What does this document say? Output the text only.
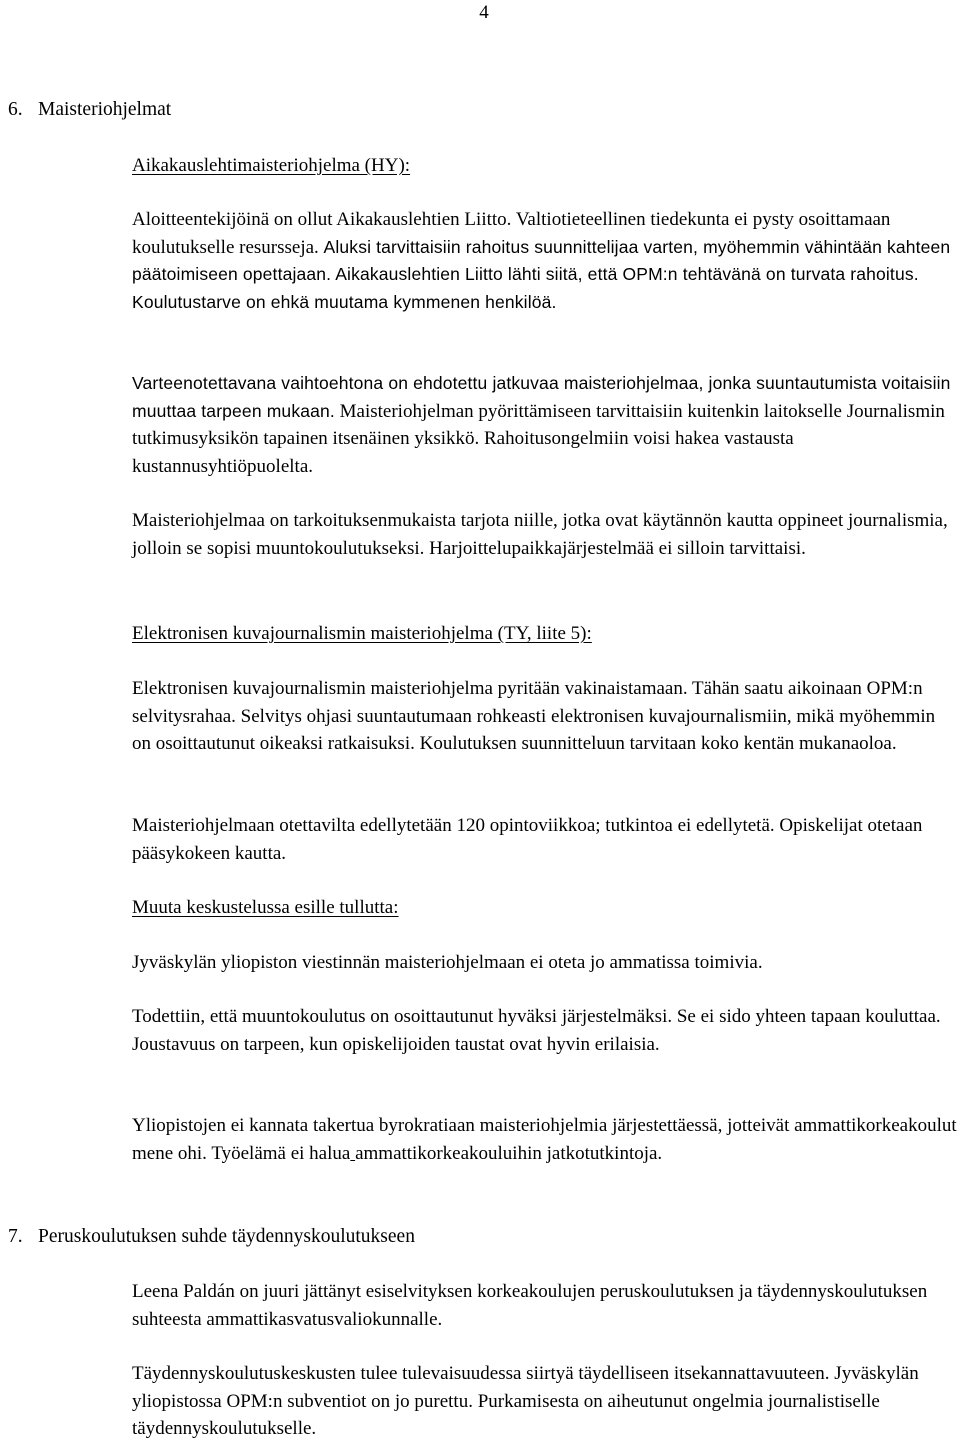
4
6. Maisteriohjelmat
Aikakauslehtimaisteriohjelma (HY):

Aloitteentekijöinä on ollut Aikakauslehtien Liitto. Valtiotieteellinen tiedekunta ei pysty osoittamaan koulutukselle resursseja. Aluksi tarvittaisiin rahoitus suunnittelijaa varten, myöhemmin vähintään kahteen päätoimiseen opettajaan. Aikakauslehtien Liitto lähti siitä, että OPM:n tehtävänä on turvata rahoitus. Koulutustarve on ehkä muutama kymmenen henkilöä.

Varteenotettavana vaihtoehtona on ehdotettu jatkuvaa maisteriohjelmaa, jonka suuntautumista voitaisiin muuttaa tarpeen mukaan. Maisteriohjelman pyörittämiseen tarvittaisiin kuitenkin laitokselle Journalismin tutkimusyksikön tapainen itsenäinen yksikkö. Rahoitusongelmiin voisi hakea vastausta kustannusyhtiöpuolelta.

Maisteriohjelmaa on tarkoituksenmukaista tarjota niille, jotka ovat käytännön kautta oppineet journalismia, jolloin se sopisi muuntokoulutukseksi. Harjoittelupaikkajärjestelmää ei silloin tarvittaisi.

Elektronisen kuvajournalismin maisteriohjelma (TY, liite 5):

Elektronisen kuvajournalismin maisteriohjelma pyritään vakinaistamaan. Tähän saatu aikoinaan OPM:n selvitysrahaa. Selvitys ohjasi suuntautumaan rohkeasti elektronisen kuvajournalismiin, mikä myöhemmin on osoittautunut oikeaksi ratkaisuksi. Koulutuksen suunnitteluun tarvitaan koko kentän mukanaoloa.

Maisteriohjelmaan otettavilta edellytetään 120 opintoviikkoa; tutkintoa ei edellytetä. Opiskelijat otetaan pääsykokeen kautta.

Muuta keskustelussa esille tullutta:

Jyväskylän yliopiston viestinnän maisteriohjelmaan ei oteta jo ammatissa toimivia.

Todettiin, että muuntokoulutus on osoittautunut hyväksi järjestelmäksi. Se ei sido yhteen tapaan kouluttaa. Joustavuus on tarpeen, kun opiskelijoiden taustat ovat hyvin erilaisia.

Yliopistojen ei kannata takertua byrokratiaan maisteriohjelmia järjestettäessä, jotteivät ammattikorkeakoulut mene ohi. Työelämä ei halua ammattikorkeakouluihin jatkotutkintoja.

7. Peruskoulutuksen suhde täydennyskoulutukseen

Leena Paldán on juuri jättänyt esiselvityksen korkeakoulujen peruskoulutuksen ja täydennyskoulutuksen suhteesta ammattikasvatusvaliokunnalle.

Täydennyskoulutuskeskusten tulee tulevaisuudessa siirtyä täydelliseen itsekannattavuuteen. Jyväskylän yliopistossa OPM:n subventiot on jo purettu. Purkamisesta on aiheutunut ongelmia journalistiselle täydennyskoulutukselle.
